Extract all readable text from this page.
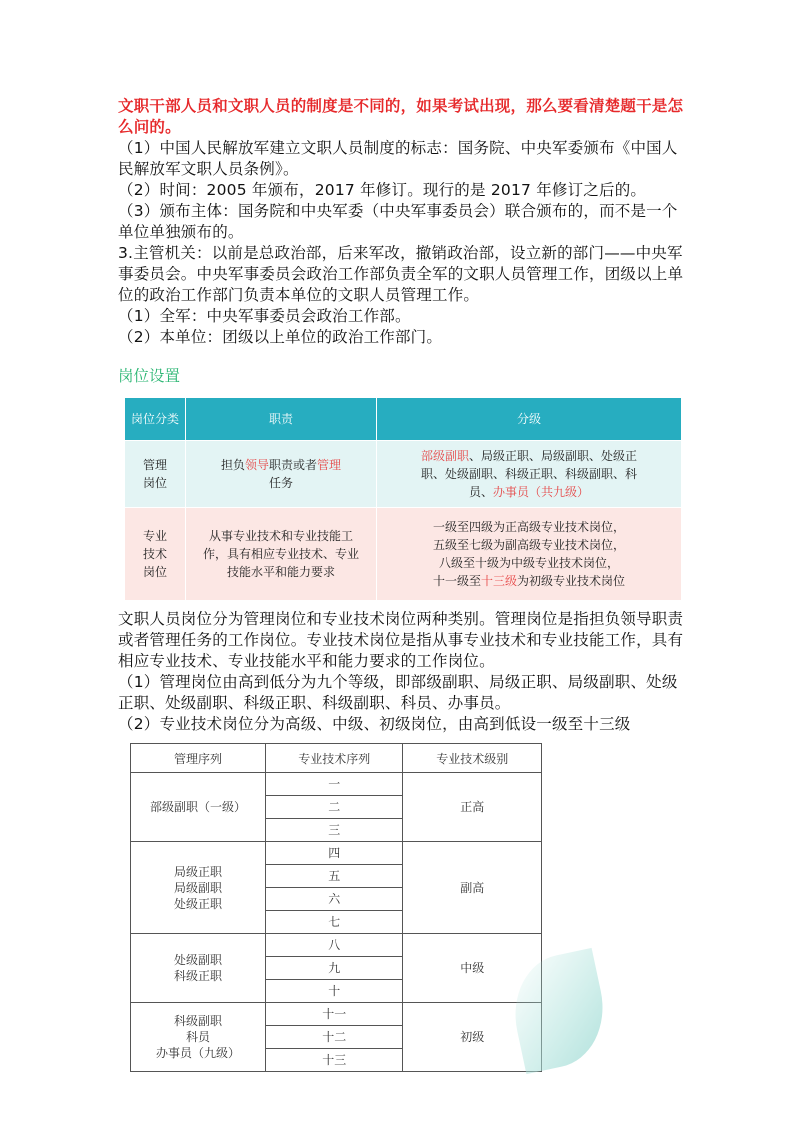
文职干部人员和文职人员的制度是不同的，如果考试出现，那么要看清楚题干是怎么问的。

（1）中国人民解放军建立文职人员制度的标志：国务院、中央军委颁布《中国人民解放军文职人员条例》。

（2）时间：2005 年颁布，2017 年修订。现行的是 2017 年修订之后的。

（3）颁布主体：国务院和中央军委（中央军事委员会）联合颁布的，而不是一个单位单独颁布的。

3.主管机关：以前是总政治部，后来军改，撤销政治部，设立新的部门——中央军事委员会。中央军事委员会政治工作部负责全军的文职人员管理工作，团级以上单位的政治工作部门负责本单位的文职人员管理工作。

（1）全军：中央军事委员会政治工作部。

（2）本单位：团级以上单位的政治工作部门。

岗位设置
岗位分类	职责	分级
管理岗位	担负领导职责或者管理任务	部级副职、局级正职、局级副职、处级正职、处级副职、科级正职、科级副职、科员、办事员（共九级）
专业技术岗位	从事专业技术和专业技能工作，具有相应专业技术、专业技能水平和能力要求	一级至四级为正高级专业技术岗位，
五级至七级为副高级专业技术岗位，
八级至十级为中级专业技术岗位，
十一级至十三级为初级专业技术岗位

文职人员岗位分为管理岗位和专业技术岗位两种类别。管理岗位是指担负领导职责或者管理任务的工作岗位。专业技术岗位是指从事专业技术和专业技能工作，具有相应专业技术、专业技能水平和能力要求的工作岗位。

（1）管理岗位由高到低分为九个等级，即部级副职、局级正职、局级副职、处级正职、处级副职、科级正职、科级副职、科员、办事员。

（2）专业技术岗位分为高级、中级、初级岗位，由高到低设一级至十三级

管理序列	专业技术序列	专业技术级别
部级副职（一级）	一	正高
	二	
	三	

局级正职
局级副职
处级正职	四	副高
	五	
	六	
	七	

处级副职
科级正职	八	中级
	九	
	十	

科级副职
科员
办事员（九级）	十一	初级
	十二	
	十三	
